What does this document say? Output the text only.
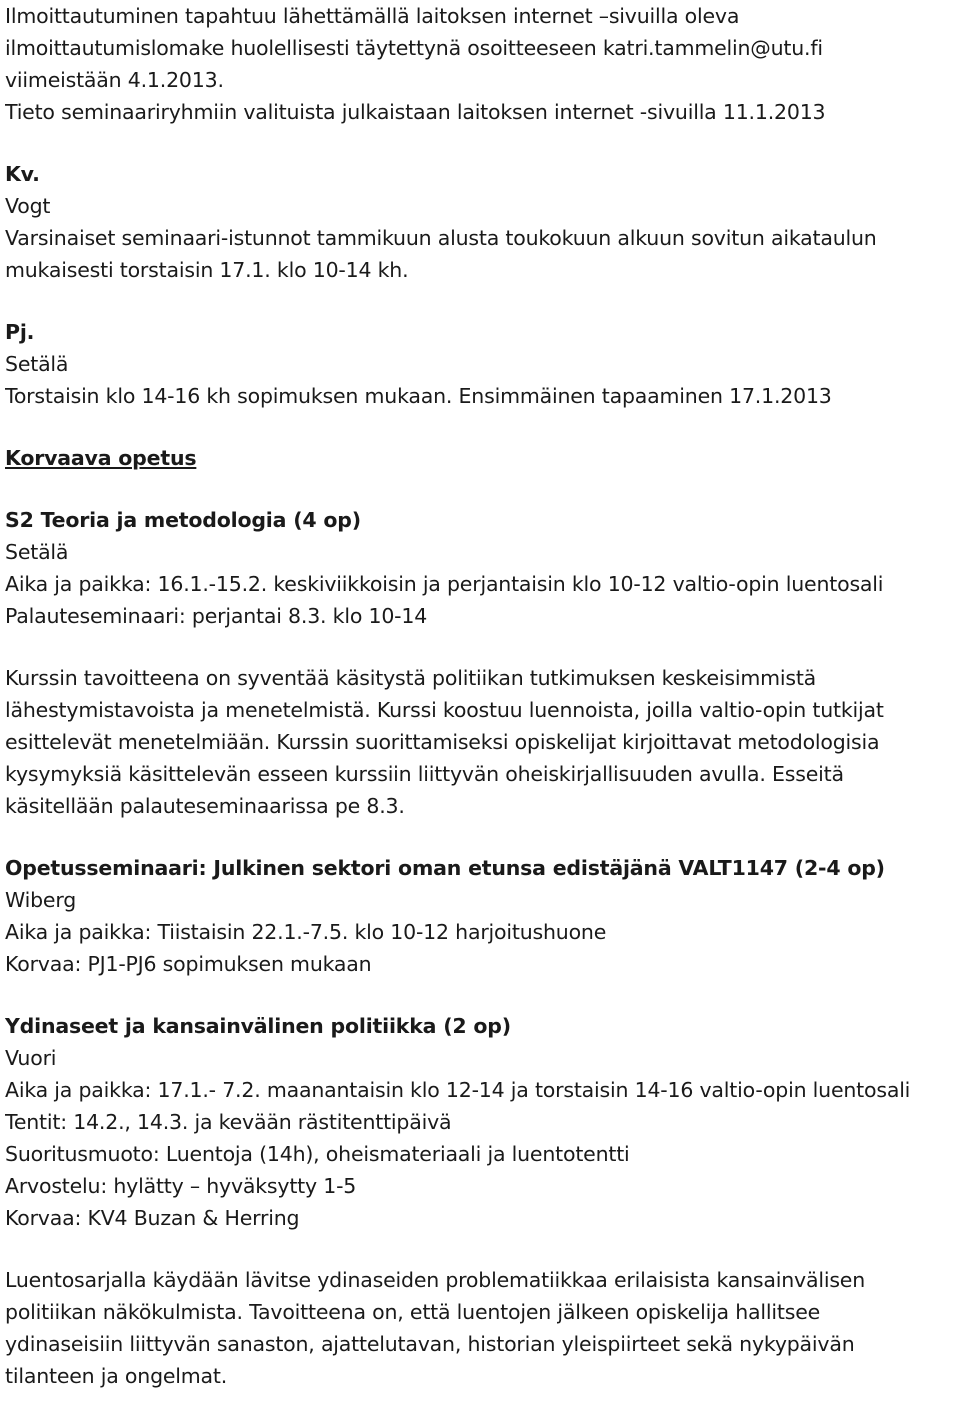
Ilmoittautuminen tapahtuu lähettämällä laitoksen internet –sivuilla oleva
ilmoittautumislomake huolellisesti täytettynä osoitteeseen katri.tammelin@utu.fi
viimeistään 4.1.2013.
Tieto seminaariryhmiin valituista julkaistaan laitoksen internet -sivuilla 11.1.2013
Kv.
Vogt
Varsinaiset seminaari-istunnot tammikuun alusta toukokuun alkuun sovitun aikataulun
mukaisesti torstaisin 17.1. klo 10-14 kh.
Pj.
Setälä
Torstaisin klo 14-16 kh sopimuksen mukaan. Ensimmäinen tapaaminen 17.1.2013
Korvaava opetus
S2 Teoria ja metodologia (4 op)
Setälä
Aika ja paikka: 16.1.-15.2. keskiviikkoisin ja perjantaisin klo 10-12 valtio-opin luentosali
Palauteseminaari: perjantai 8.3. klo 10-14
Kurssin tavoitteena on syventää käsitystä politiikan tutkimuksen keskeisimmistä
lähestymistavoista ja menetelmistä. Kurssi koostuu luennoista, joilla valtio-opin tutkijat
esittelevät menetelmiään. Kurssin suorittamiseksi opiskelijat kirjoittavat metodologisia
kysymyksiä käsittelevän esseen kurssiin liittyvän oheiskirjallisuuden avulla. Esseitä
käsitellään palauteseminaarissa pe 8.3.
Opetusseminaari: Julkinen sektori oman etunsa edistäjänä VALT1147 (2-4 op)
Wiberg
Aika ja paikka: Tiistaisin 22.1.-7.5. klo 10-12 harjoitushuone
Korvaa: PJ1-PJ6 sopimuksen mukaan
Ydinaseet ja kansainvälinen politiikka (2 op)
Vuori
Aika ja paikka: 17.1.- 7.2. maanantaisin klo 12-14 ja torstaisin 14-16 valtio-opin luentosali
Tentit: 14.2., 14.3. ja kevään rästitenttipäivä
Suoritusmuoto: Luentoja (14h), oheismateriaali ja luentotentti
Arvostelu: hylätty – hyväksytty 1-5
Korvaa: KV4 Buzan & Herring
Luentosarjalla käydään lävitse ydinaseiden problematiikkaa erilaisista kansainvälisen
politiikan näkökulmista. Tavoitteena on, että luentojen jälkeen opiskelija hallitsee
ydinaseisiin liittyvän sanaston, ajattelutavan, historian yleispiirteet sekä nykypäivän
tilanteen ja ongelmat.
